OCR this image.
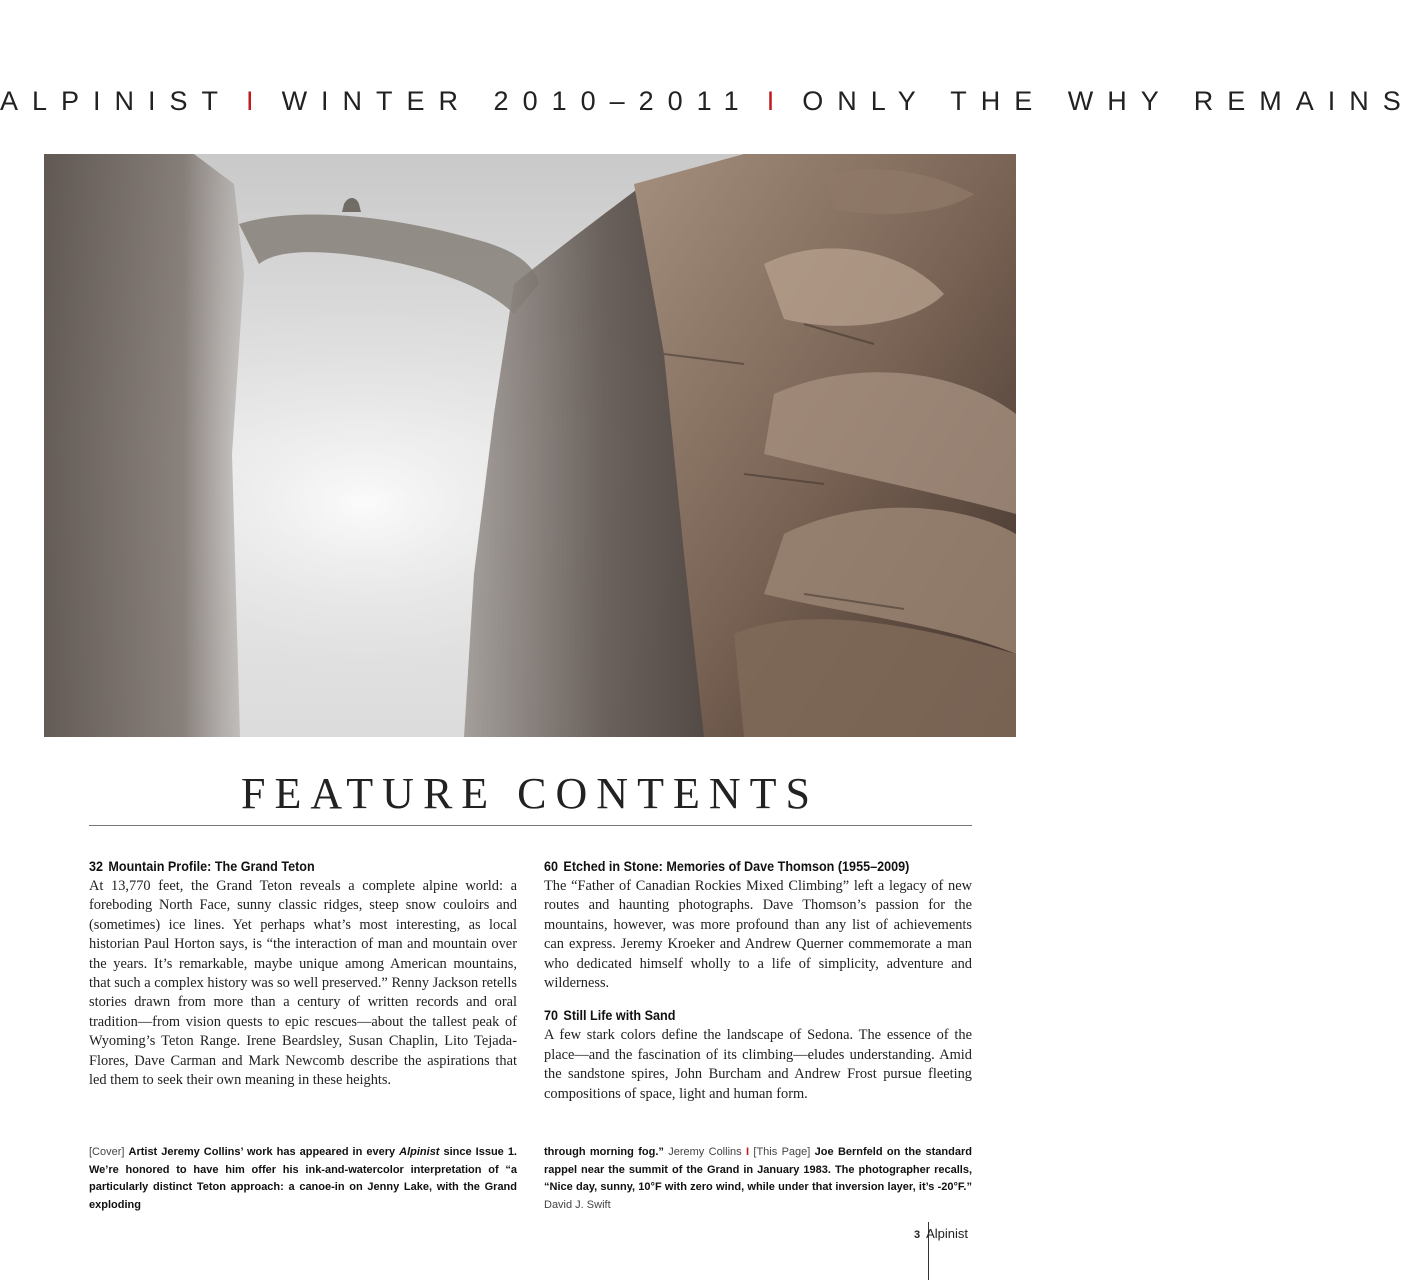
ALPINIST I WINTER 2010–2011 I ONLY THE WHY REMAINS
FEATURE CONTENTS
32 Mountain Profile: The Grand Teton

At 13,770 feet, the Grand Teton reveals a complete alpine world: a foreboding North Face, sunny classic ridges, steep snow couloirs and (sometimes) ice lines. Yet perhaps what’s most interesting, as local historian Paul Horton says, is “the interaction of man and mountain over the years. It’s remarkable, maybe unique among American mountains, that such a complex history was so well preserved.” Renny Jackson retells stories drawn from more than a century of written records and oral tradition—from vision quests to epic rescues—about the tallest peak of Wyoming’s Teton Range. Irene Beardsley, Susan Chaplin, Lito Tejada-Flores, Dave Carman and Mark Newcomb describe the aspirations that led them to seek their own meaning in these heights.

60 Etched in Stone: Memories of Dave Thomson (1955–2009)

The “Father of Canadian Rockies Mixed Climbing” left a legacy of new routes and haunting photographs. Dave Thomson’s passion for the mountains, however, was more profound than any list of achievements can express. Jeremy Kroeker and Andrew Querner commemorate a man who dedicated himself wholly to a life of simplicity, adventure and wilderness.

70 Still Life with Sand

A few stark colors define the landscape of Sedona. The essence of the place—and the fascination of its climbing—eludes understanding. Amid the sandstone spires, John Burcham and Andrew Frost pursue fleeting compositions of space, light and human form.

[Cover] Artist Jeremy Collins’ work has appeared in every Alpinist since Issue 1. We’re honored to have him offer his ink-and-watercolor interpretation of “a particularly distinct Teton approach: a canoe-in on Jenny Lake, with the Grand exploding
through morning fog.” Jeremy Collins I [This Page] Joe Bernfeld on the standard rappel near the summit of the Grand in January 1983. The photographer recalls, “Nice day, sunny, 10°F with zero wind, while under that inversion layer, it’s -20°F.” David J. Swift
3 Alpinist
